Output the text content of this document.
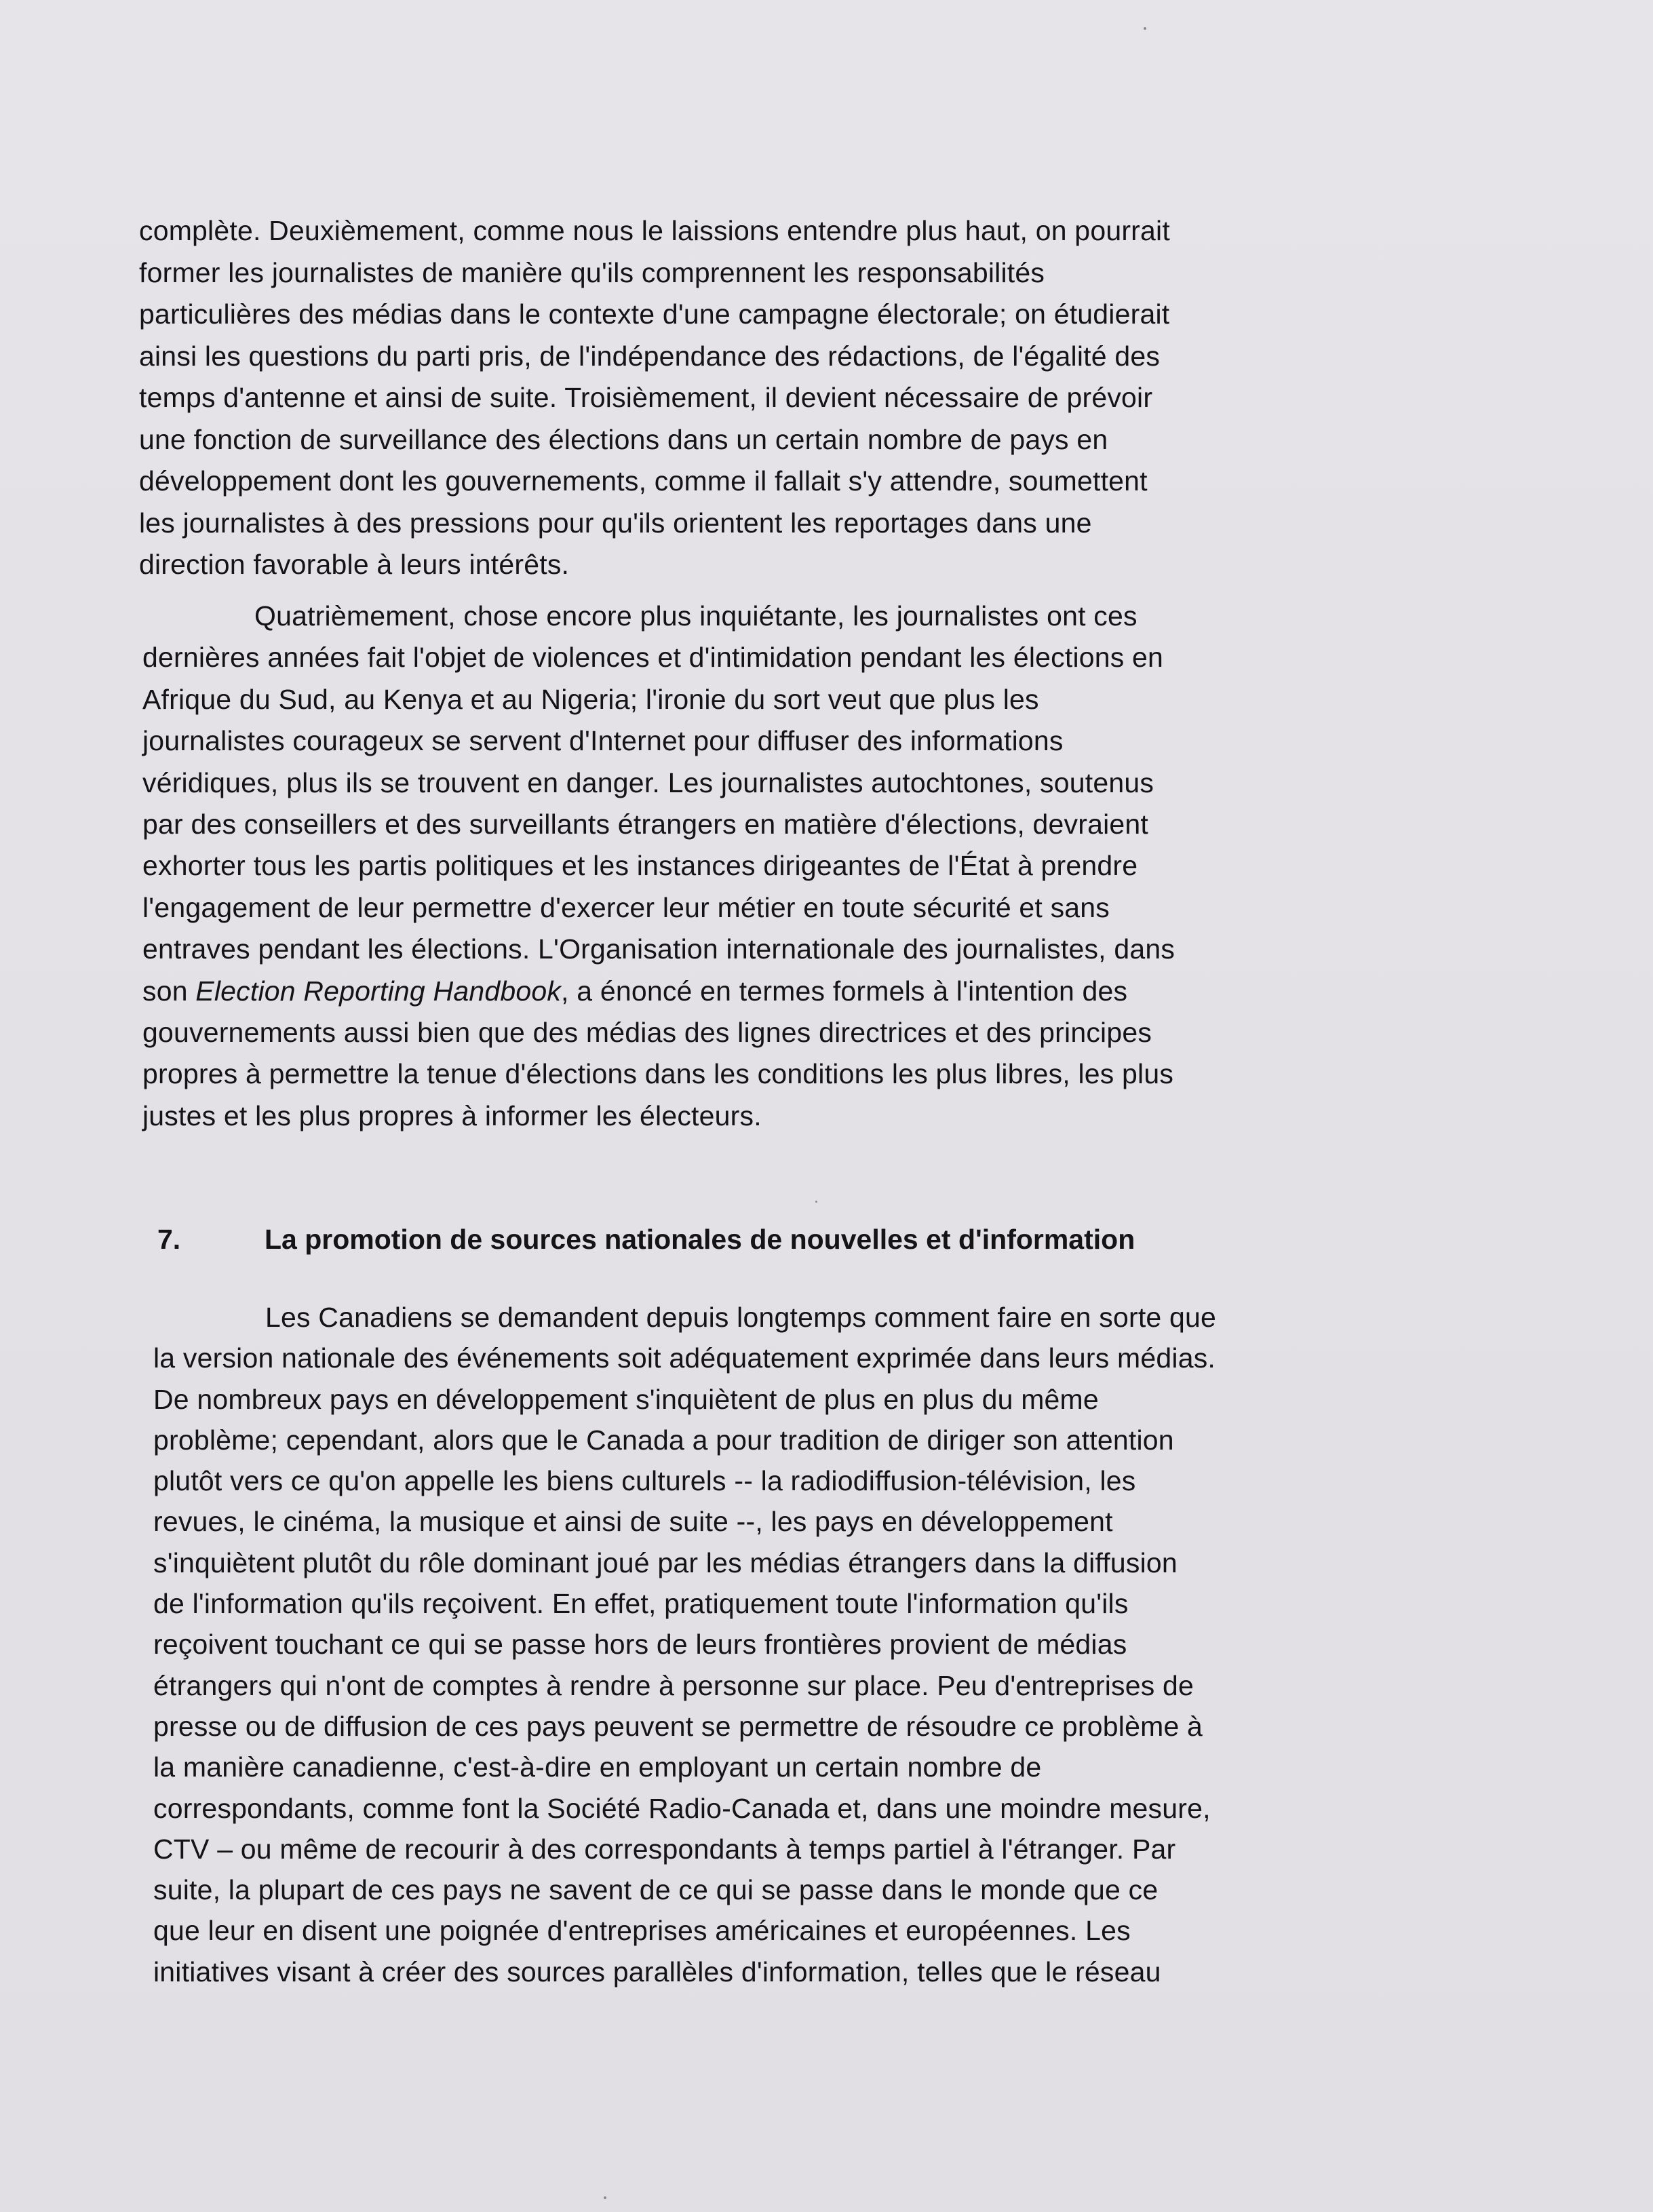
complète. Deuxièmement, comme nous le laissions entendre plus haut, on pourrait
former les journalistes de manière qu'ils comprennent les responsabilités
particulières des médias dans le contexte d'une campagne électorale; on étudierait
ainsi les questions du parti pris, de l'indépendance des rédactions, de l'égalité des
temps d'antenne et ainsi de suite. Troisièmement, il devient nécessaire de prévoir
une fonction de surveillance des élections dans un certain nombre de pays en
développement dont les gouvernements, comme il fallait s'y attendre, soumettent
les journalistes à des pressions pour qu'ils orientent les reportages dans une
direction favorable à leurs intérêts.
Quatrièmement, chose encore plus inquiétante, les journalistes ont ces
dernières années fait l'objet de violences et d'intimidation pendant les élections en
Afrique du Sud, au Kenya et au Nigeria; l'ironie du sort veut que plus les
journalistes courageux se servent d'Internet pour diffuser des informations
véridiques, plus ils se trouvent en danger. Les journalistes autochtones, soutenus
par des conseillers et des surveillants étrangers en matière d'élections, devraient
exhorter tous les partis politiques et les instances dirigeantes de l'État à prendre
l'engagement de leur permettre d'exercer leur métier en toute sécurité et sans
entraves pendant les élections. L'Organisation internationale des journalistes, dans
son Election Reporting Handbook, a énoncé en termes formels à l'intention des
gouvernements aussi bien que des médias des lignes directrices et des principes
propres à permettre la tenue d'élections dans les conditions les plus libres, les plus
justes et les plus propres à informer les électeurs.
7.	La promotion de sources nationales de nouvelles et d'information
Les Canadiens se demandent depuis longtemps comment faire en sorte que
la version nationale des événements soit adéquatement exprimée dans leurs médias.
De nombreux pays en développement s'inquiètent de plus en plus du même
problème; cependant, alors que le Canada a pour tradition de diriger son attention
plutôt vers ce qu'on appelle les biens culturels -- la radiodiffusion-télévision, les
revues, le cinéma, la musique et ainsi de suite --, les pays en développement
s'inquiètent plutôt du rôle dominant joué par les médias étrangers dans la diffusion
de l'information qu'ils reçoivent. En effet, pratiquement toute l'information qu'ils
reçoivent touchant ce qui se passe hors de leurs frontières provient de médias
étrangers qui n'ont de comptes à rendre à personne sur place. Peu d'entreprises de
presse ou de diffusion de ces pays peuvent se permettre de résoudre ce problème à
la manière canadienne, c'est-à-dire en employant un certain nombre de
correspondants, comme font la Société Radio-Canada et, dans une moindre mesure,
CTV – ou même de recourir à des correspondants à temps partiel à l'étranger. Par
suite, la plupart de ces pays ne savent de ce qui se passe dans le monde que ce
que leur en disent une poignée d'entreprises américaines et européennes. Les
initiatives visant à créer des sources parallèles d'information, telles que le réseau
